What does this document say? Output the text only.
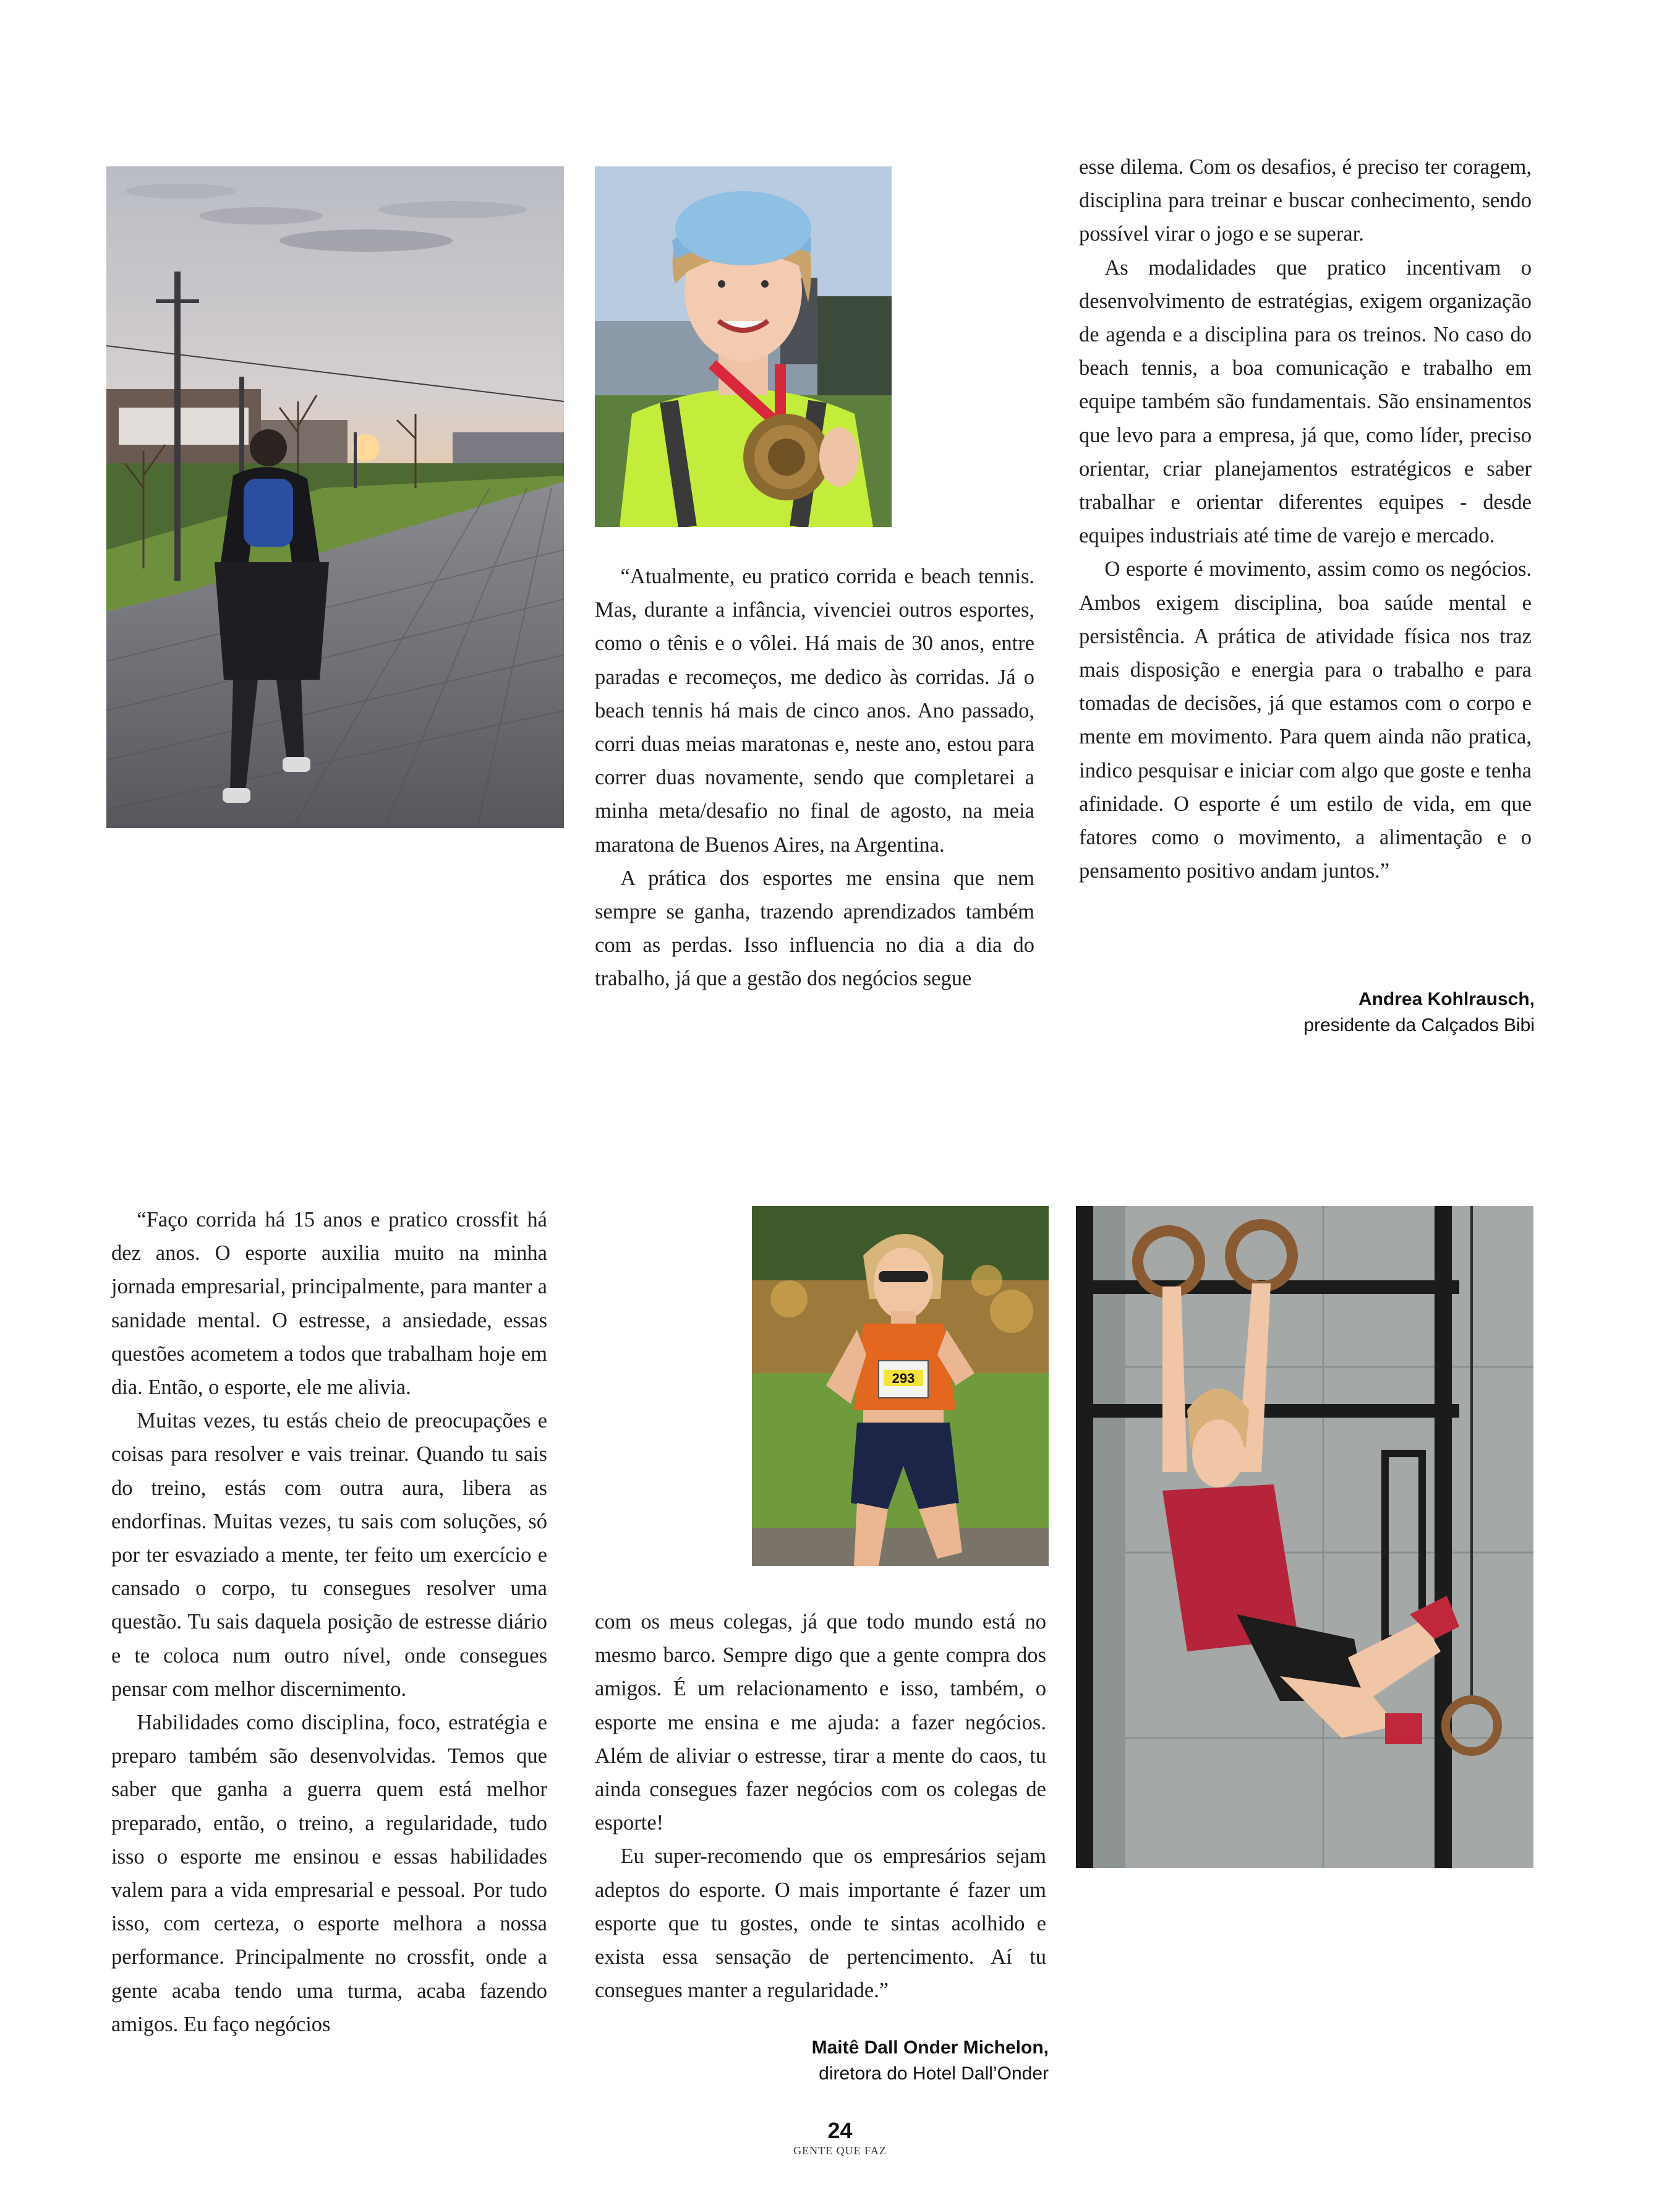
“Atualmente, eu pratico corrida e beach tennis. Mas, durante a infância, vivenciei outros esportes, como o tênis e o vôlei. Há mais de 30 anos, entre paradas e recomeços, me dedico às corridas. Já o beach tennis há mais de cinco anos. Ano passado, corri duas meias maratonas e, neste ano, estou para correr duas novamente, sendo que completarei a minha meta/desafio no final de agosto, na meia maratona de Buenos Aires, na Argentina.

A prática dos esportes me ensina que nem sempre se ganha, trazendo aprendizados também com as perdas. Isso influencia no dia a dia do trabalho, já que a gestão dos negócios segue

esse dilema. Com os desafios, é preciso ter coragem, disciplina para treinar e buscar conhecimento, sendo possível virar o jogo e se superar.

As modalidades que pratico incentivam o desenvolvimento de estratégias, exigem organização de agenda e a disciplina para os treinos. No caso do beach tennis, a boa comunicação e trabalho em equipe também são fundamentais. São ensinamentos que levo para a empresa, já que, como líder, preciso orientar, criar planejamentos estratégicos e saber trabalhar e orientar diferentes equipes - desde equipes industriais até time de varejo e mercado.

O esporte é movimento, assim como os negócios. Ambos exigem disciplina, boa saúde mental e persistência. A prática de atividade física nos traz mais disposição e energia para o trabalho e para tomadas de decisões, já que estamos com o corpo e mente em movimento. Para quem ainda não pratica, indico pesquisar e iniciar com algo que goste e tenha afinidade. O esporte é um estilo de vida, em que fatores como o movimento, a alimentação e o pensamento positivo andam juntos.”

Andrea Kohlrausch,
presidente da Calçados Bibi

“Faço corrida há 15 anos e pratico crossfit há dez anos. O esporte auxilia muito na minha jornada empresarial, principalmente, para manter a sanidade mental. O estresse, a ansiedade, essas questões acometem a todos que trabalham hoje em dia. Então, o esporte, ele me alivia.

Muitas vezes, tu estás cheio de preocupações e coisas para resolver e vais treinar. Quando tu sais do treino, estás com outra aura, libera as endorfinas. Muitas vezes, tu sais com soluções, só por ter esvaziado a mente, ter feito um exercício e cansado o corpo, tu consegues resolver uma questão. Tu sais daquela posição de estresse diário e te coloca num outro nível, onde consegues pensar com melhor discernimento.

Habilidades como disciplina, foco, estratégia e preparo também são desenvolvidas. Temos que saber que ganha a guerra quem está melhor preparado, então, o treino, a regularidade, tudo isso o esporte me ensinou e essas habilidades valem para a vida empresarial e pessoal. Por tudo isso, com certeza, o esporte melhora a nossa performance. Principalmente no crossfit, onde a gente acaba tendo uma turma, acaba fazendo amigos. Eu faço negócios

293

com os meus colegas, já que todo mundo está no mesmo barco. Sempre digo que a gente compra dos amigos. É um relacionamento e isso, também, o esporte me ensina e me ajuda: a fazer negócios. Além de aliviar o estresse, tirar a mente do caos, tu ainda consegues fazer negócios com os colegas de esporte!

Eu super-recomendo que os empresários sejam adeptos do esporte. O mais importante é fazer um esporte que tu gostes, onde te sintas acolhido e exista essa sensação de pertencimento. Aí tu consegues manter a regularidade.”

Maitê Dall Onder Michelon,
diretora do Hotel Dall’Onder
24
GENTE QUE FAZ
